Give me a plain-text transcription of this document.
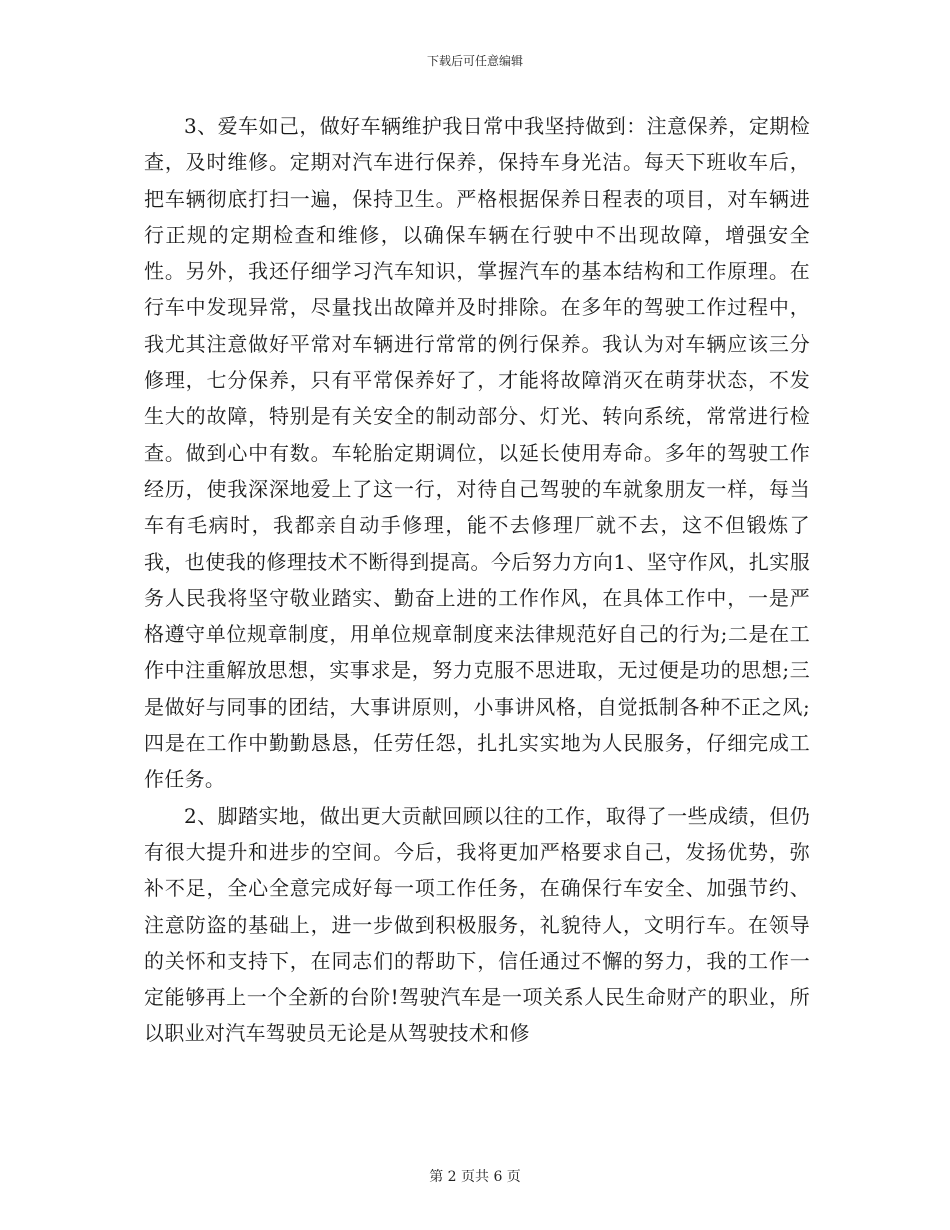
下载后可任意编辑

3、爱车如己，做好车辆维护我日常中我坚持做到：注意保养，定期检查，及时维修。定期对汽车进行保养，保持车身光洁。每天下班收车后，把车辆彻底打扫一遍，保持卫生。严格根据保养日程表的项目，对车辆进行正规的定期检查和维修，以确保车辆在行驶中不出现故障，增强安全性。另外，我还仔细学习汽车知识，掌握汽车的基本结构和工作原理。在行车中发现异常，尽量找出故障并及时排除。在多年的驾驶工作过程中，我尤其注意做好平常对车辆进行常常的例行保养。我认为对车辆应该三分修理，七分保养，只有平常保养好了，才能将故障消灭在萌芽状态，不发生大的故障，特别是有关安全的制动部分、灯光、转向系统，常常进行检查。做到心中有数。车轮胎定期调位，以延长使用寿命。多年的驾驶工作经历，使我深深地爱上了这一行，对待自己驾驶的车就象朋友一样，每当车有毛病时，我都亲自动手修理，能不去修理厂就不去，这不但锻炼了我，也使我的修理技术不断得到提高。今后努力方向1、坚守作风，扎实服务人民我将坚守敬业踏实、勤奋上进的工作作风，在具体工作中，一是严格遵守单位规章制度，用单位规章制度来法律规范好自己的行为;二是在工作中注重解放思想，实事求是，努力克服不思进取，无过便是功的思想;三是做好与同事的团结，大事讲原则，小事讲风格，自觉抵制各种不正之风;四是在工作中勤勤恳恳，任劳任怨，扎扎实实地为人民服务，仔细完成工作任务。

2、脚踏实地，做出更大贡献回顾以往的工作，取得了一些成绩，但仍有很大提升和进步的空间。今后，我将更加严格要求自己，发扬优势，弥补不足，全心全意完成好每一项工作任务，在确保行车安全、加强节约、注意防盗的基础上，进一步做到积极服务，礼貌待人，文明行车。在领导的关怀和支持下，在同志们的帮助下，信任通过不懈的努力，我的工作一定能够再上一个全新的台阶!驾驶汽车是一项关系人民生命财产的职业，所以职业对汽车驾驶员无论是从驾驶技术和修

第 2 页共 6 页
